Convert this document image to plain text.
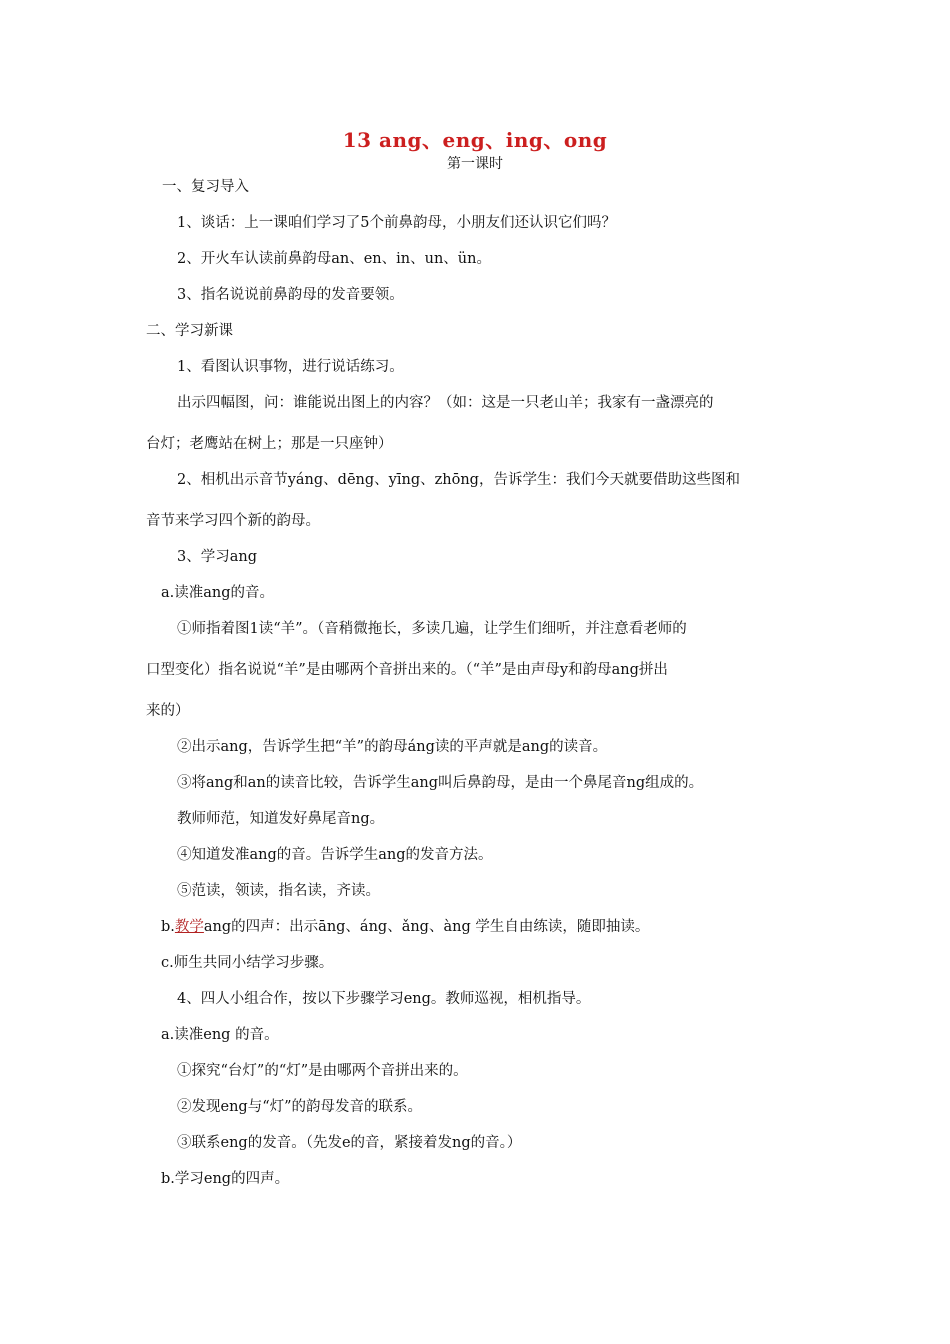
13 ang、eng、ing、ong
第一课时
一、复习导入
1、谈话：上一课咱们学习了5个前鼻韵母，小朋友们还认识它们吗？
2、开火车认读前鼻韵母an、en、in、un、ün。
3、指名说说前鼻韵母的发音要领。
二、学习新课
1、看图认识事物，进行说话练习。
出示四幅图，问：谁能说出图上的内容？（如：这是一只老山羊；我家有一盏漂亮的
台灯；老鹰站在树上；那是一只座钟）
2、相机出示音节yáng、dēng、yīng、zhōng，告诉学生：我们今天就要借助这些图和
音节来学习四个新的韵母。
3、学习ang
a.读准ang的音。
①师指着图1读“羊”。（音稍微拖长，多读几遍，让学生们细听，并注意看老师的
口型变化）指名说说“羊”是由哪两个音拼出来的。（“羊”是由声母y和韵母ang拼出
来的）
②出示ang，告诉学生把“羊”的韵母áng读的平声就是ang的读音。
③将ang和an的读音比较，告诉学生ang叫后鼻韵母，是由一个鼻尾音ng组成的。
教师师范，知道发好鼻尾音ng。
④知道发准ang的音。告诉学生ang的发音方法。
⑤范读，领读，指名读，齐读。
b.教学ang的四声：出示āng、áng、ǎng、àng 学生自由练读，随即抽读。
c.师生共同小结学习步骤。
4、四人小组合作，按以下步骤学习eng。教师巡视，相机指导。
a.读准eng 的音。
①探究“台灯”的“灯”是由哪两个音拼出来的。
②发现eng与“灯”的韵母发音的联系。
③联系eng的发音。（先发e的音，紧接着发ng的音。）
b.学习eng的四声。
